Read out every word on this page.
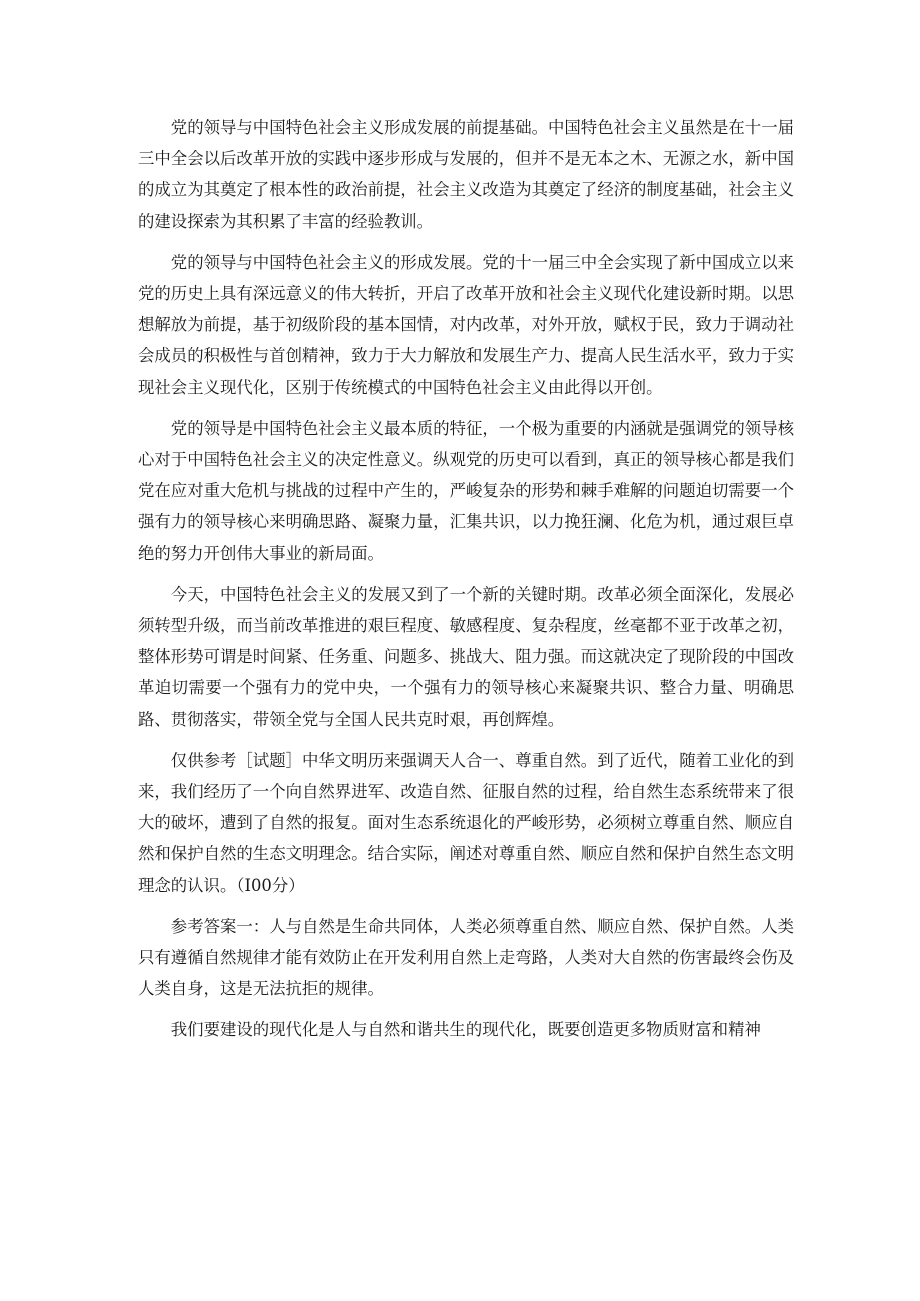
党的领导与中国特色社会主义形成发展的前提基础。中国特色社会主义虽然是在十一届三中全会以后改革开放的实践中逐步形成与发展的，但并不是无本之木、无源之水，新中国的成立为其奠定了根本性的政治前提，社会主义改造为其奠定了经济的制度基础，社会主义的建设探索为其积累了丰富的经验教训。

党的领导与中国特色社会主义的形成发展。党的十一届三中全会实现了新中国成立以来党的历史上具有深远意义的伟大转折，开启了改革开放和社会主义现代化建设新时期。以思想解放为前提，基于初级阶段的基本国情，对内改革，对外开放，赋权于民，致力于调动社会成员的积极性与首创精神，致力于大力解放和发展生产力、提高人民生活水平，致力于实现社会主义现代化，区别于传统模式的中国特色社会主义由此得以开创。

党的领导是中国特色社会主义最本质的特征，一个极为重要的内涵就是强调党的领导核心对于中国特色社会主义的决定性意义。纵观党的历史可以看到，真正的领导核心都是我们党在应对重大危机与挑战的过程中产生的，严峻复杂的形势和棘手难解的问题迫切需要一个强有力的领导核心来明确思路、凝聚力量，汇集共识，以力挽狂澜、化危为机，通过艰巨卓绝的努力开创伟大事业的新局面。

今天，中国特色社会主义的发展又到了一个新的关键时期。改革必须全面深化，发展必须转型升级，而当前改革推进的艰巨程度、敏感程度、复杂程度，丝毫都不亚于改革之初，整体形势可谓是时间紧、任务重、问题多、挑战大、阻力强。而这就决定了现阶段的中国改革迫切需要一个强有力的党中央，一个强有力的领导核心来凝聚共识、整合力量、明确思路、贯彻落实，带领全党与全国人民共克时艰，再创辉煌。

仅供参考［试题］中华文明历来强调天人合一、尊重自然。到了近代，随着工业化的到来，我们经历了一个向自然界进军、改造自然、征服自然的过程，给自然生态系统带来了很大的破坏，遭到了自然的报复。面对生态系统退化的严峻形势，必须树立尊重自然、顺应自然和保护自然的生态文明理念。结合实际，阐述对尊重自然、顺应自然和保护自然生态文明理念的认识。（I00分）

参考答案一：人与自然是生命共同体，人类必须尊重自然、顺应自然、保护自然。人类只有遵循自然规律才能有效防止在开发利用自然上走弯路，人类对大自然的伤害最终会伤及人类自身，这是无法抗拒的规律。

我们要建设的现代化是人与自然和谐共生的现代化，既要创造更多物质财富和精神
